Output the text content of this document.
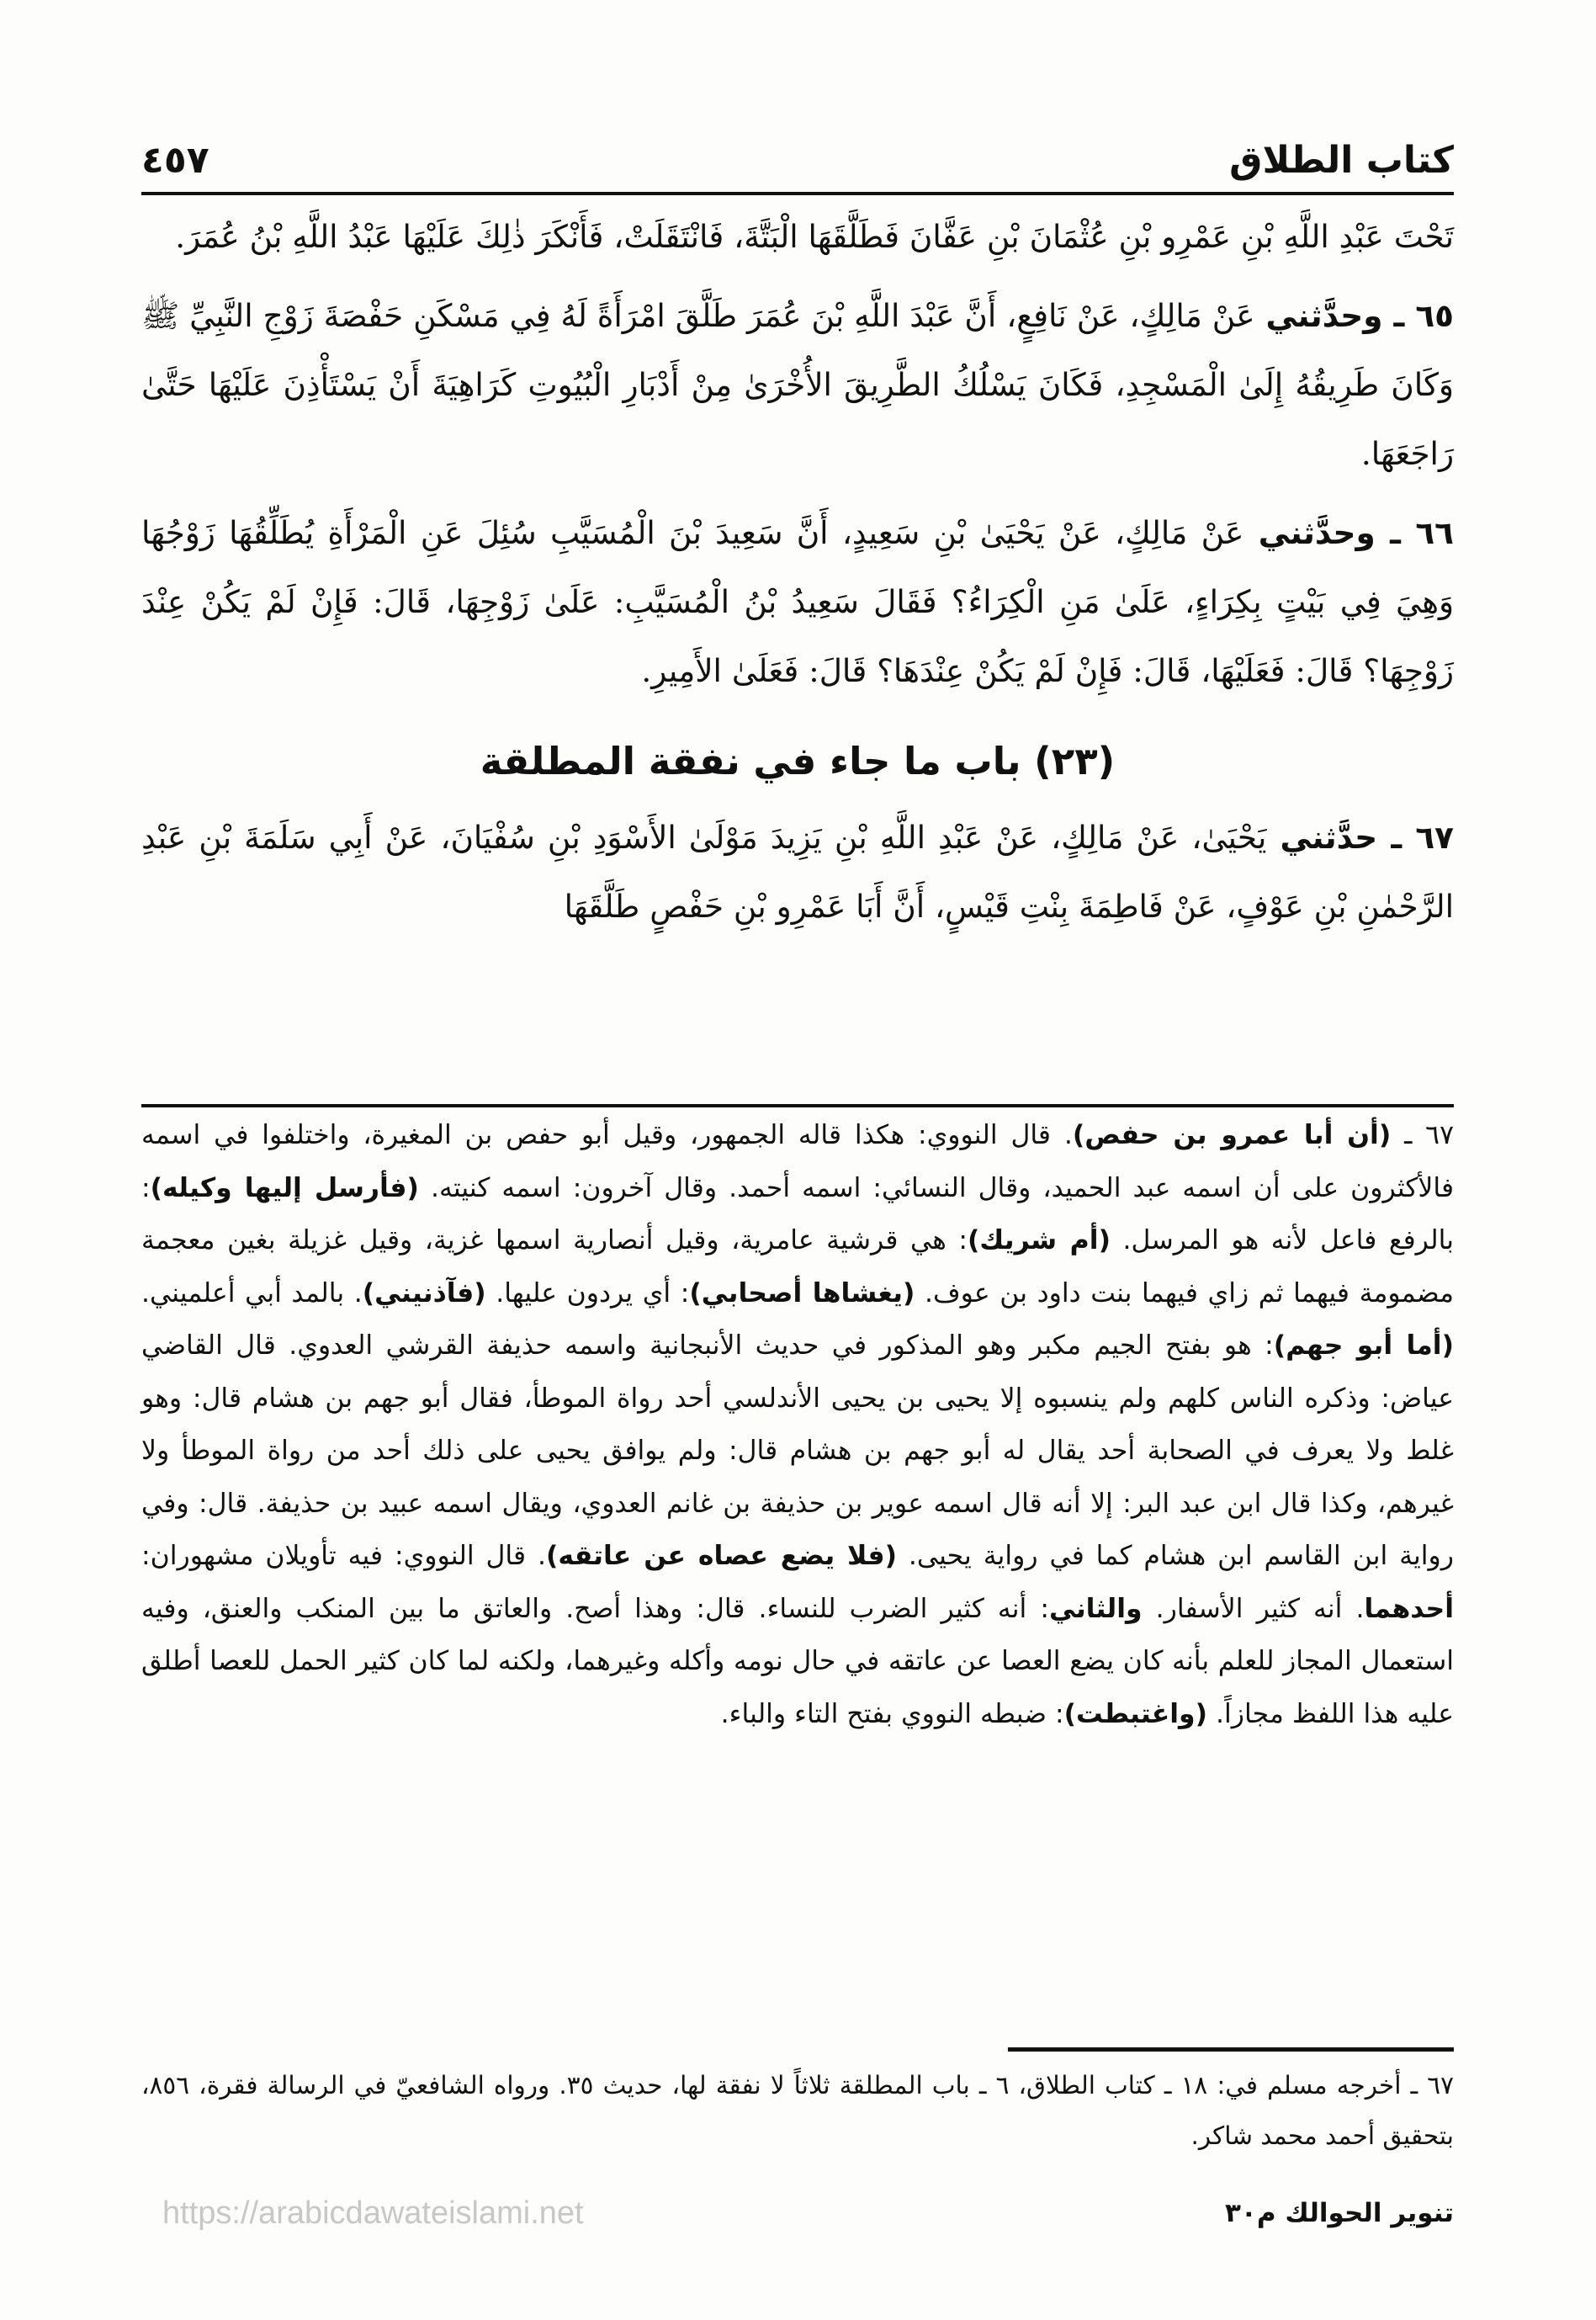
كتاب الطلاق
٤٥٧

تَحْتَ عَبْدِ اللَّهِ بْنِ عَمْرِو بْنِ عُثْمَانَ بْنِ عَفَّانَ فَطَلَّقَهَا الْبَتَّةَ، فَانْتَقَلَتْ، فَأَنْكَرَ ذٰلِكَ عَلَيْهَا عَبْدُ اللَّهِ بْنُ عُمَرَ.

٦٥ ـ وحدَّثني عَنْ مَالِكٍ، عَنْ نَافِعٍ، أَنَّ عَبْدَ اللَّهِ بْنَ عُمَرَ طَلَّقَ امْرَأَةً لَهُ فِي مَسْكَنِ حَفْصَةَ زَوْجِ النَّبِيِّ ﷺ وَكَانَ طَرِيقُهُ إِلَىٰ الْمَسْجِدِ، فَكَانَ يَسْلُكُ الطَّرِيقَ الأُخْرَىٰ مِنْ أَدْبَارِ الْبُيُوتِ كَرَاهِيَةَ أَنْ يَسْتَأْذِنَ عَلَيْهَا حَتَّىٰ رَاجَعَهَا.

٦٦ ـ وحدَّثني عَنْ مَالِكٍ، عَنْ يَحْيَىٰ بْنِ سَعِيدٍ، أَنَّ سَعِيدَ بْنَ الْمُسَيَّبِ سُئِلَ عَنِ الْمَرْأَةِ يُطَلِّقُهَا زَوْجُهَا وَهِيَ فِي بَيْتٍ بِكِرَاءٍ، عَلَىٰ مَنِ الْكِرَاءُ؟ فَقَالَ سَعِيدُ بْنُ الْمُسَيَّبِ: عَلَىٰ زَوْجِهَا، قَالَ: فَإِنْ لَمْ يَكُنْ عِنْدَ زَوْجِهَا؟ قَالَ: فَعَلَيْهَا، قَالَ: فَإِنْ لَمْ يَكُنْ عِنْدَهَا؟ قَالَ: فَعَلَىٰ الأَمِيرِ.

(٢٣) باب ما جاء في نفقة المطلقة

٦٧ ـ حدَّثني يَحْيَىٰ، عَنْ مَالِكٍ، عَنْ عَبْدِ اللَّهِ بْنِ يَزِيدَ مَوْلَىٰ الأَسْوَدِ بْنِ سُفْيَانَ، عَنْ أَبِي سَلَمَةَ بْنِ عَبْدِ الرَّحْمٰنِ بْنِ عَوْفٍ، عَنْ فَاطِمَةَ بِنْتِ قَيْسٍ، أَنَّ أَبَا عَمْرِو بْنِ حَفْصٍ طَلَّقَهَا

٦٧ ـ (أن أبا عمرو بن حفص). قال النووي: هكذا قاله الجمهور، وقيل أبو حفص بن المغيرة، واختلفوا في اسمه فالأكثرون على أن اسمه عبد الحميد، وقال النسائي: اسمه أحمد. وقال آخرون: اسمه كنيته. (فأرسل إليها وكيله): بالرفع فاعل لأنه هو المرسل. (أم شريك): هي قرشية عامرية، وقيل أنصارية اسمها غزية، وقيل غزيلة بغين معجمة مضمومة فيهما ثم زاي فيهما بنت داود بن عوف. (يغشاها أصحابي): أي يردون عليها. (فآذنيني). بالمد أبي أعلميني. (أما أبو جهم): هو بفتح الجيم مكبر وهو المذكور في حديث الأنبجانية واسمه حذيفة القرشي العدوي. قال القاضي عياض: وذكره الناس كلهم ولم ينسبوه إلا يحيى بن يحيى الأندلسي أحد رواة الموطأ، فقال أبو جهم بن هشام قال: وهو غلط ولا يعرف في الصحابة أحد يقال له أبو جهم بن هشام قال: ولم يوافق يحيى على ذلك أحد من رواة الموطأ ولا غيرهم، وكذا قال ابن عبد البر: إلا أنه قال اسمه عوير بن حذيفة بن غانم العدوي، ويقال اسمه عبيد بن حذيفة. قال: وفي رواية ابن القاسم ابن هشام كما في رواية يحيى. (فلا يضع عصاه عن عاتقه). قال النووي: فيه تأويلان مشهوران: أحدهما. أنه كثير الأسفار. والثاني: أنه كثير الضرب للنساء. قال: وهذا أصح. والعاتق ما بين المنكب والعنق، وفيه استعمال المجاز للعلم بأنه كان يضع العصا عن عاتقه في حال نومه وأكله وغيرهما، ولكنه لما كان كثير الحمل للعصا أطلق عليه هذا اللفظ مجازاً. (واغتبطت): ضبطه النووي بفتح التاء والباء.

٦٧ ـ أخرجه مسلم في: ١٨ ـ كتاب الطلاق، ٦ ـ باب المطلقة ثلاثاً لا نفقة لها، حديث ٣٥. ورواه الشافعيّ في الرسالة فقرة، ٨٥٦، بتحقيق أحمد محمد شاكر.

تنوير الحوالك م٣٠
https://arabicdawateislami.net
